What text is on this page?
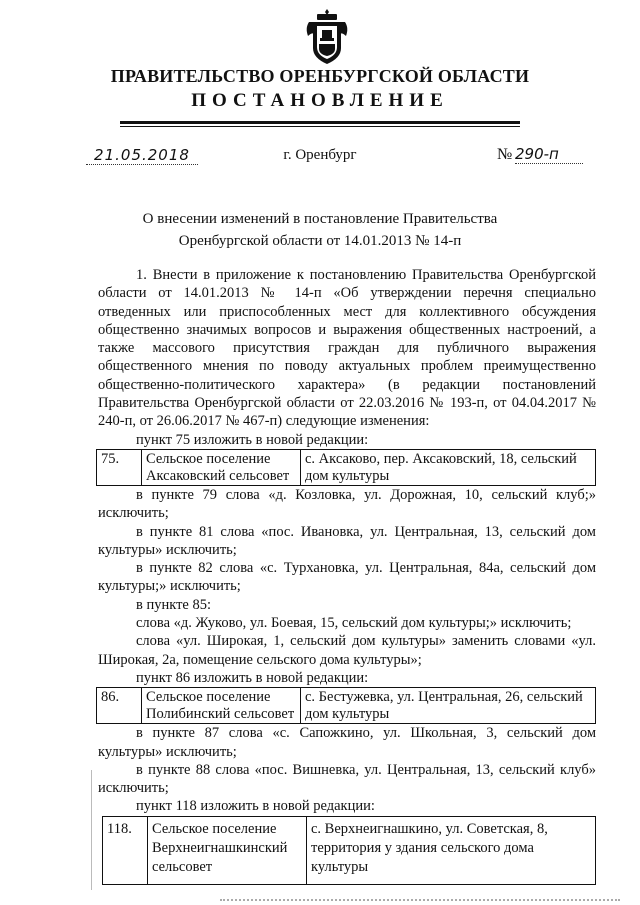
ПРАВИТЕЛЬСТВО ОРЕНБУРГСКОЙ ОБЛАСТИ
ПОСТАНОВЛЕНИЕ
21.05.2018	г. Оренбург	№ 290-п
О внесении изменений в постановление Правительства
Оренбургской области от 14.01.2013 № 14-п

1. Внести в приложение к постановлению Правительства Оренбургской области от 14.01.2013 № 14-п «Об утверждении перечня специально отведенных или приспособленных мест для коллективного обсуждения общественно значимых вопросов и выражения общественных настроений, а также массового присутствия граждан для публичного выражения общественного мнения по поводу актуальных проблем преимущественно общественно-политического характера» (в редакции постановлений Правительства Оренбургской области от 22.03.2016 № 193-п, от 04.04.2017 № 240-п, от 26.06.2017 № 467-п) следующие изменения:

пункт 75 изложить в новой редакции:

75.	Сельское поселение Аксаковский сельсовет	с. Аксаково, пер. Аксаковский, 18, сельский дом культуры

в пункте 79 слова «д. Козловка, ул. Дорожная, 10, сельский клуб;» исключить;

в пункте 81 слова «пос. Ивановка, ул. Центральная, 13, сельский дом культуры» исключить;

в пункте 82 слова «с. Турхановка, ул. Центральная, 84а, сельский дом культуры;» исключить;

в пункте 85:

слова «д. Жуково, ул. Боевая, 15, сельский дом культуры;» исключить;

слова «ул. Широкая, 1, сельский дом культуры» заменить словами «ул. Широкая, 2а, помещение сельского дома культуры»;

пункт 86 изложить в новой редакции:

86.	Сельское поселение Полибинский сельсовет	с. Бестужевка, ул. Центральная, 26, сельский дом культуры

в пункте 87 слова «с. Сапожкино, ул. Школьная, 3, сельский дом культуры» исключить;

в пункте 88 слова «пос. Вишневка, ул. Центральная, 13, сельский клуб» исключить;

пункт 118 изложить в новой редакции:

118.	Сельское поселение Верхнеигнашкинский сельсовет	с. Верхнеигнашкино, ул. Советская, 8, территория у здания сельского дома культуры
